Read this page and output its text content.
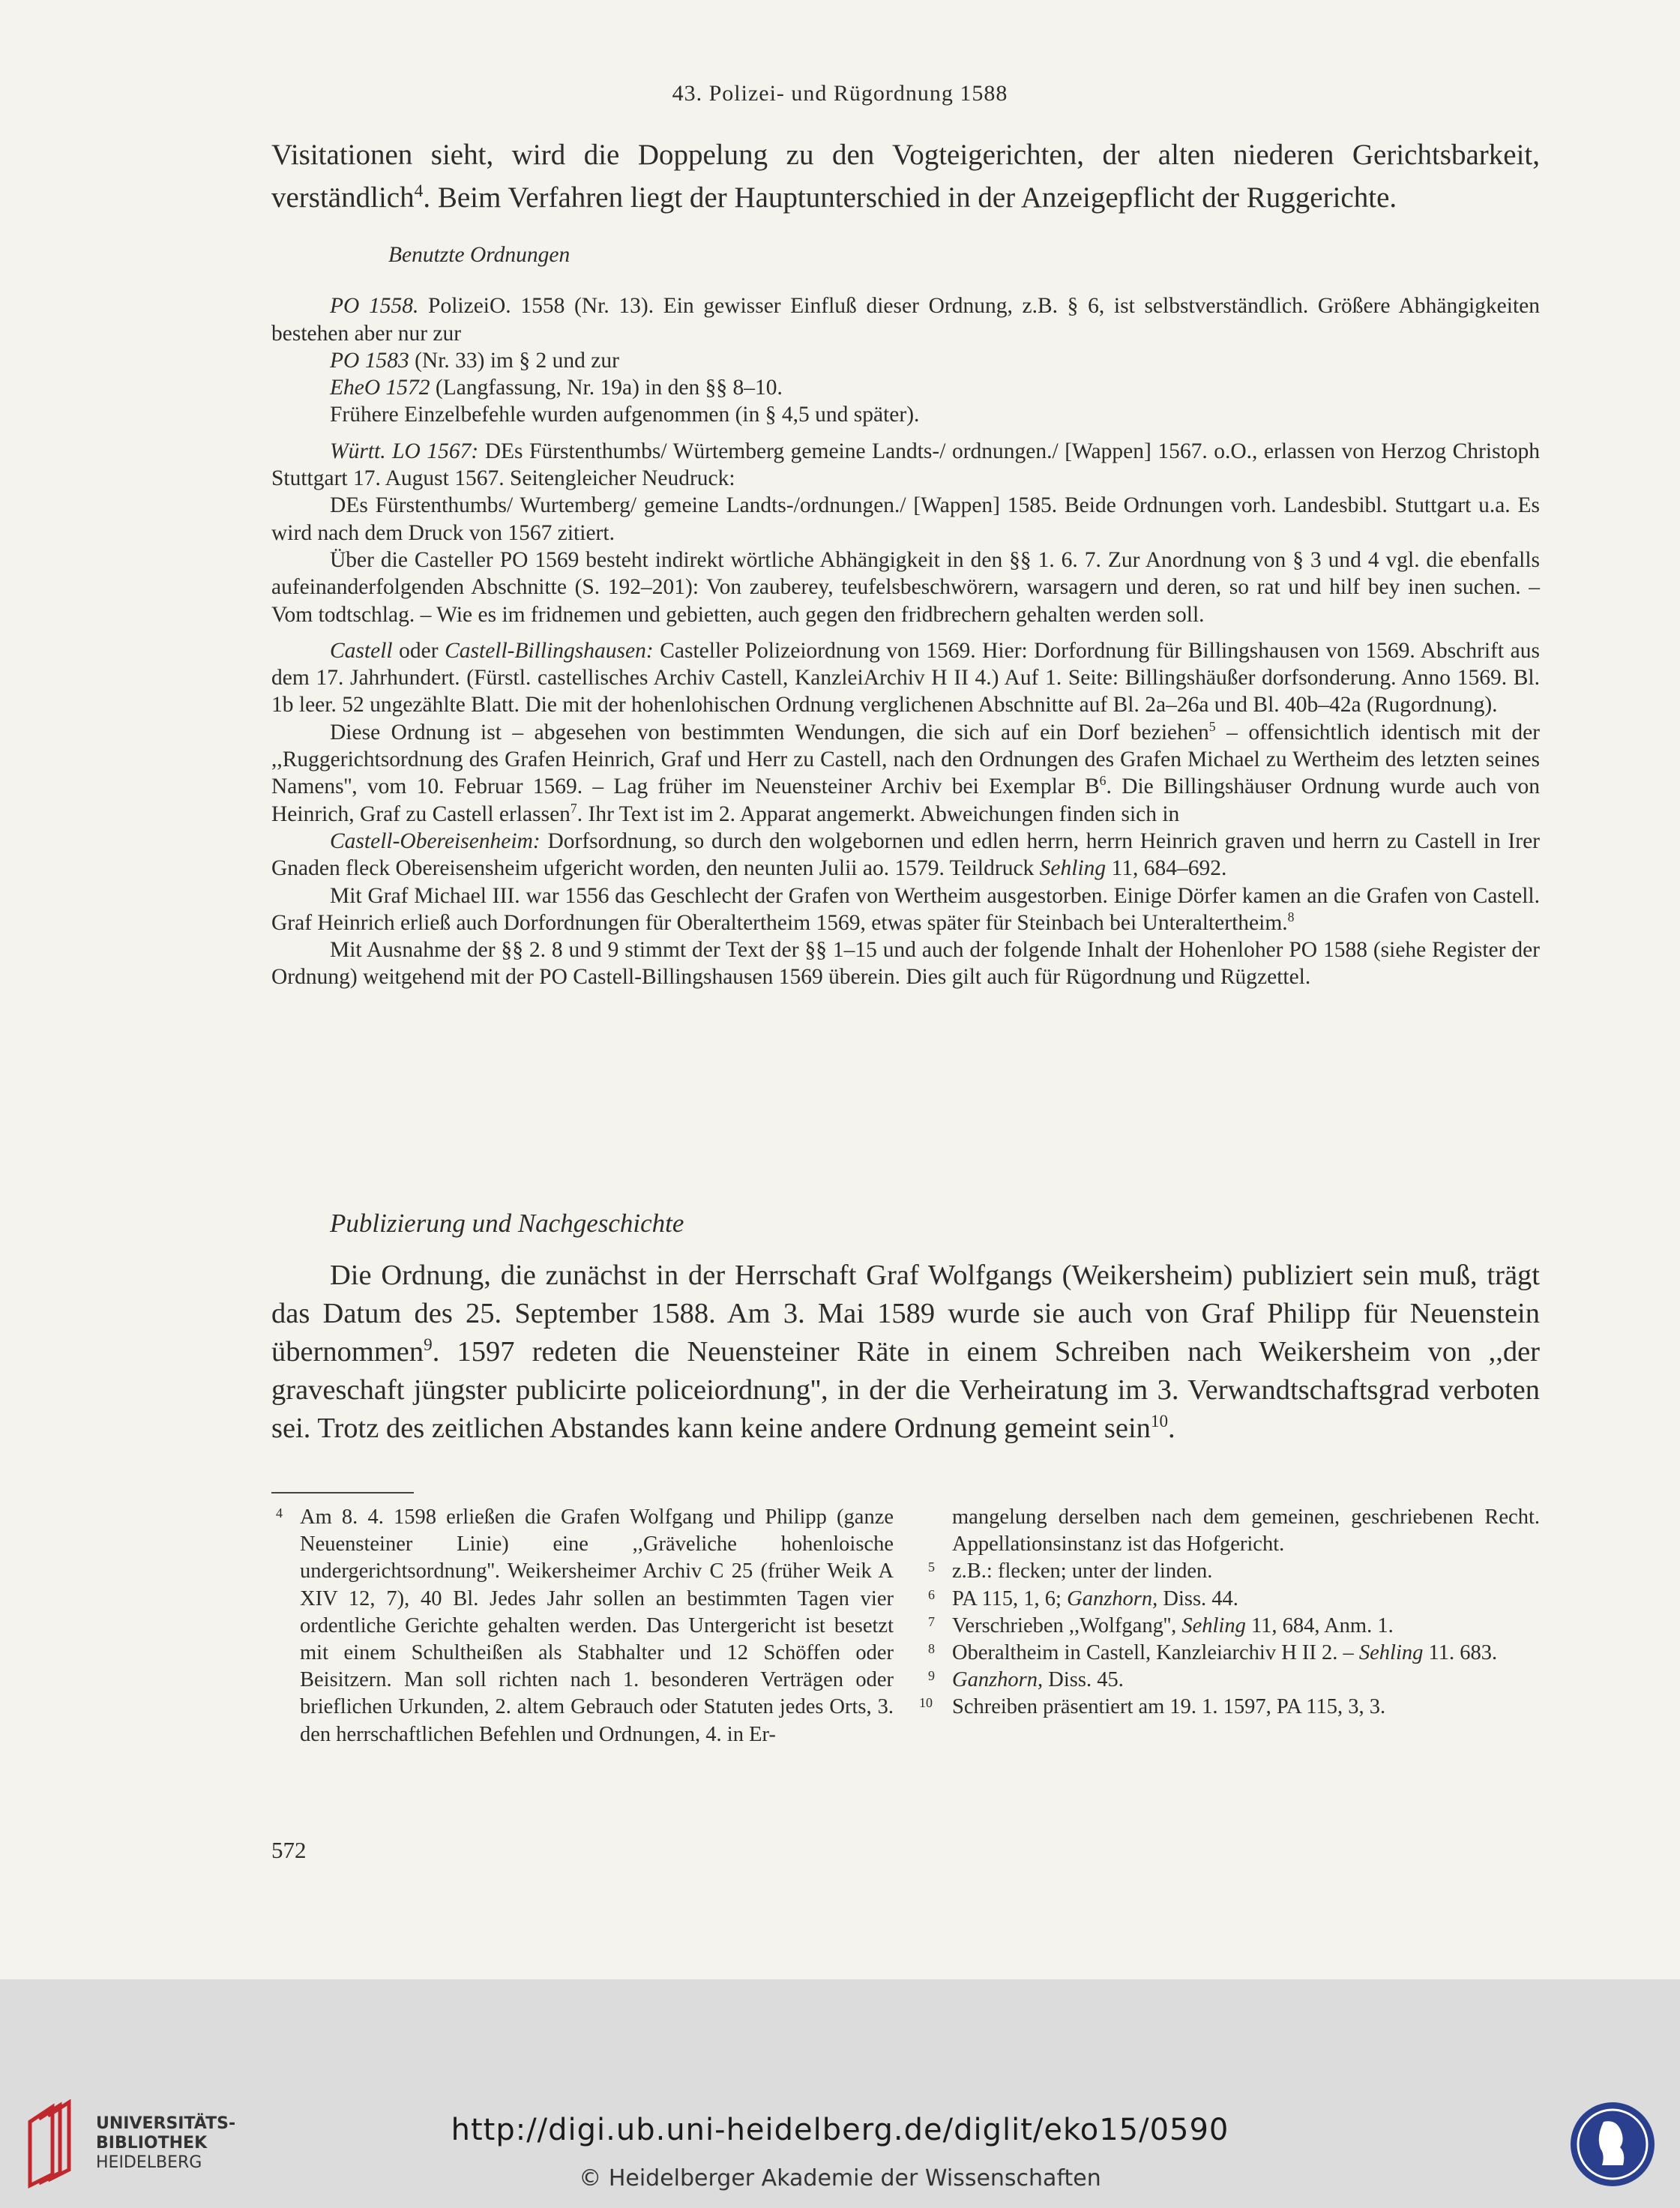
43. Polizei- und Rügordnung 1588
Visitationen sieht, wird die Doppelung zu den Vogteigerichten, der alten niederen Gerichtsbarkeit, verständlich$^4$. Beim Verfahren liegt der Hauptunterschied in der Anzeigepflicht der Ruggerichte.

Benutzte Ordnungen

PO 1558. PolizeiO. 1558 (Nr. 13). Ein gewisser Einfluß dieser Ordnung, z.B. § 6, ist selbstverständlich. Größere Abhängigkeiten bestehen aber nur zur

PO 1583 (Nr. 33) im § 2 und zur

EheO 1572 (Langfassung, Nr. 19a) in den §§ 8–10.

Frühere Einzelbefehle wurden aufgenommen (in § 4,5 und später).

Württ. LO 1567: DEs Fürstenthumbs/ Würtemberg gemeine Landts-/ ordnungen./ [Wappen] 1567. o.O., erlassen von Herzog Christoph Stuttgart 17. August 1567. Seitengleicher Neudruck:

DEs Fürstenthumbs/ Wurtemberg/ gemeine Landts-/ordnungen./ [Wappen] 1585. Beide Ordnungen vorh. Landesbibl. Stuttgart u.a. Es wird nach dem Druck von 1567 zitiert.

Über die Casteller PO 1569 besteht indirekt wörtliche Abhängigkeit in den §§ 1. 6. 7. Zur Anordnung von § 3 und 4 vgl. die ebenfalls aufeinanderfolgenden Abschnitte (S. 192–201): Von zauberey, teufelsbeschwörern, warsagern und deren, so rat und hilf bey inen suchen. – Vom todtschlag. – Wie es im fridnemen und gebietten, auch gegen den fridbrechern gehalten werden soll.

Castell oder Castell-Billingshausen: Casteller Polizeiordnung von 1569. Hier: Dorfordnung für Billingshausen von 1569. Abschrift aus dem 17. Jahrhundert. (Fürstl. castellisches Archiv Castell, KanzleiArchiv H II 4.) Auf 1. Seite: Billingshäußer dorfsonderung. Anno 1569. Bl. 1b leer. 52 ungezählte Blatt. Die mit der hohenlohischen Ordnung verglichenen Abschnitte auf Bl. 2a–26a und Bl. 40b–42a (Rugordnung).

Diese Ordnung ist – abgesehen von bestimmten Wendungen, die sich auf ein Dorf beziehen$^5$ – offensichtlich identisch mit der ,,Ruggerichtsordnung des Grafen Heinrich, Graf und Herr zu Castell, nach den Ordnungen des Grafen Michael zu Wertheim des letzten seines Namens'', vom 10. Februar 1569. – Lag früher im Neuensteiner Archiv bei Exemplar $B^6$. Die Billingshäuser Ordnung wurde auch von Heinrich, Graf zu Castell erlassen$^7$. Ihr Text ist im 2. Apparat angemerkt. Abweichungen finden sich in

Castell-Obereisenheim: Dorfsordnung, so durch den wolgebornen und edlen herrn, herrn Heinrich graven und herrn zu Castell in Irer Gnaden fleck Obereisensheim ufgericht worden, den neunten Julii ao. 1579. Teildruck Sehling 11, 684–692.

Mit Graf Michael III. war 1556 das Geschlecht der Grafen von Wertheim ausgestorben. Einige Dörfer kamen an die Grafen von Castell. Graf Heinrich erließ auch Dorfordnungen für Oberaltertheim 1569, etwas später für Steinbach bei Unteraltertheim.$^8$

Mit Ausnahme der §§ 2. 8 und 9 stimmt der Text der §§ 1–15 und auch der folgende Inhalt der Hohenloher PO 1588 (siehe Register der Ordnung) weitgehend mit der PO Castell-Billingshausen 1569 überein. Dies gilt auch für Rügordnung und Rügzettel.

Publizierung und Nachgeschichte
Die Ordnung, die zunächst in der Herrschaft Graf Wolfgangs (Weikersheim) publiziert sein muß, trägt das Datum des 25. September 1588. Am 3. Mai 1589 wurde sie auch von Graf Philipp für Neuenstein übernommen$^9$. 1597 redeten die Neuensteiner Räte in einem Schreiben nach Weikersheim von ,,der graveschaft jüngster publicirte policeiordnung'', in der die Verheiratung im 3. Verwandtschaftsgrad verboten sei. Trotz des zeitlichen Abstandes kann keine andere Ordnung gemeint sein$^{10}$.
4 Am 8. 4. 1598 erließen die Grafen Wolfgang und Philipp (ganze Neuensteiner Linie) eine ,,Gräveliche hohenloische undergerichtsordnung''. Weikersheimer Archiv C 25 (früher Weik A XIV 12, 7), 40 Bl. Jedes Jahr sollen an bestimmten Tagen vier ordentliche Gerichte gehalten werden. Das Untergericht ist besetzt mit einem Schultheißen als Stabhalter und 12 Schöffen oder Beisitzern. Man soll richten nach 1. besonderen Verträgen oder brieflichen Urkunden, 2. altem Gebrauch oder Statuten jedes Orts, 3. den herrschaftlichen Befehlen und Ordnungen, 4. in Er-
mangelung derselben nach dem gemeinen, geschriebenen Recht. Appellationsinstanz ist das Hofgericht.
5 z.B.: flecken; unter der linden.
6 PA 115, 1, 6; Ganzhorn, Diss. 44.
7 Verschrieben ,,Wolfgang'', Sehling 11, 684, Anm. 1.
8 Oberaltheim in Castell, Kanzleiarchiv H II 2. – Sehling 11. 683.
9 Ganzhorn, Diss. 45.
10 Schreiben präsentiert am 19. 1. 1597, PA 115, 3, 3.
572
UNIVERSITÄTS-
BIBLIOTHEK
HEIDELBERG
http://digi.ub.uni-heidelberg.de/diglit/eko15/0590
© Heidelberger Akademie der Wissenschaften
